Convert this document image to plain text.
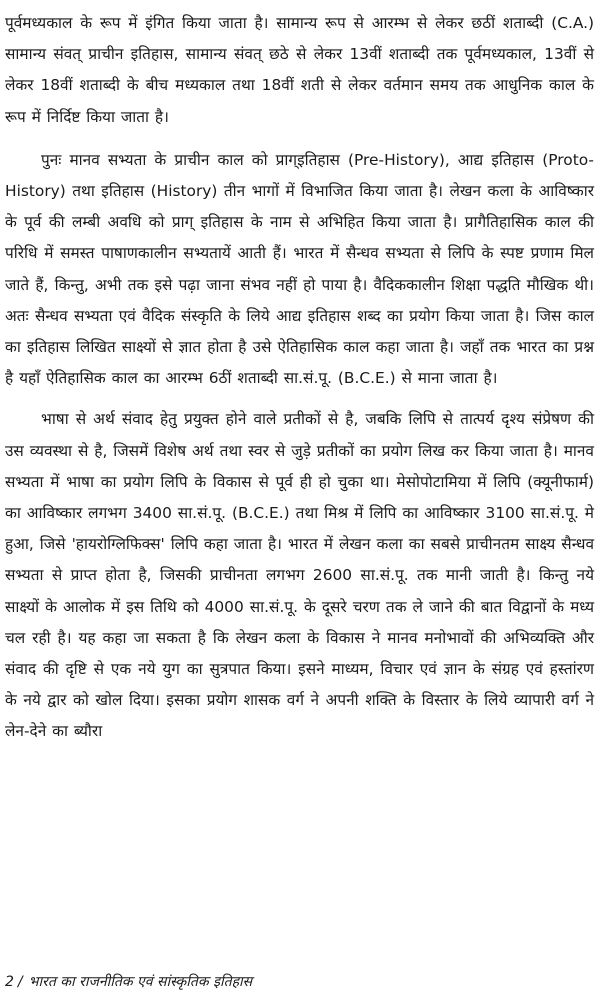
पूर्वमध्यकाल के रूप में इंगित किया जाता है। सामान्य रूप से आरम्भ से लेकर छठीं शताब्दी (C.A.) सामान्य संवत् प्राचीन इतिहास, सामान्य संवत् छठे से लेकर 13वीं शताब्दी तक पूर्वमध्यकाल, 13वीं से लेकर 18वीं शताब्दी के बीच मध्यकाल तथा 18वीं शती से लेकर वर्तमान समय तक आधुनिक काल के रूप में निर्दिष्ट किया जाता है।

पुनः मानव सभ्यता के प्राचीन काल को प्राग्इतिहास (Pre-History), आद्य इतिहास (Proto-History) तथा इतिहास (History) तीन भागों में विभाजित किया जाता है। लेखन कला के आविष्कार के पूर्व की लम्बी अवधि को प्राग् इतिहास के नाम से अभिहित किया जाता है। प्रागैतिहासिक काल की परिधि में समस्त पाषाणकालीन सभ्यतायें आती हैं। भारत में सैन्धव सभ्यता से लिपि के स्पष्ट प्रणाम मिल जाते हैं, किन्तु, अभी तक इसे पढ़ा जाना संभव नहीं हो पाया है। वैदिककालीन शिक्षा पद्धति मौखिक थी। अतः सैन्धव सभ्यता एवं वैदिक संस्कृति के लिये आद्य इतिहास शब्द का प्रयोग किया जाता है। जिस काल का इतिहास लिखित साक्ष्यों से ज्ञात होता है उसे ऐतिहासिक काल कहा जाता है। जहाँ तक भारत का प्रश्न है यहाँ ऐतिहासिक काल का आरम्भ 6ठीं शताब्दी सा.सं.पू. (B.C.E.) से माना जाता है।

भाषा से अर्थ संवाद हेतु प्रयुक्त होने वाले प्रतीकों से है, जबकि लिपि से तात्पर्य दृश्य संप्रेषण की उस व्यवस्था से है, जिसमें विशेष अर्थ तथा स्वर से जुड़े प्रतीकों का प्रयोग लिख कर किया जाता है। मानव सभ्यता में भाषा का प्रयोग लिपि के विकास से पूर्व ही हो चुका था। मेसोपोटामिया में लिपि (क्यूनीफार्म) का आविष्कार लगभग 3400 सा.सं.पू. (B.C.E.) तथा मिश्र में लिपि का आविष्कार 3100 सा.सं.पू. मे हुआ, जिसे 'हायरोग्लिफिक्स' लिपि कहा जाता है। भारत में लेखन कला का सबसे प्राचीनतम साक्ष्य सैन्धव सभ्यता से प्राप्त होता है, जिसकी प्राचीनता लगभग 2600 सा.सं.पू. तक मानी जाती है। किन्तु नये साक्ष्यों के आलोक में इस तिथि को 4000 सा.सं.पू. के दूसरे चरण तक ले जाने की बात विद्वानों के मध्य चल रही है। यह कहा जा सकता है कि लेखन कला के विकास ने मानव मनोभावों की अभिव्यक्ति और संवाद की दृष्टि से एक नये युग का सुत्रपात किया। इसने माध्यम, विचार एवं ज्ञान के संग्रह एवं हस्तांरण के नये द्वार को खोल दिया। इसका प्रयोग शासक वर्ग ने अपनी शक्ति के विस्तार के लिये व्यापारी वर्ग ने लेन-देने का ब्यौरा

2 / भारत का राजनीतिक एवं सांस्कृतिक इतिहास
